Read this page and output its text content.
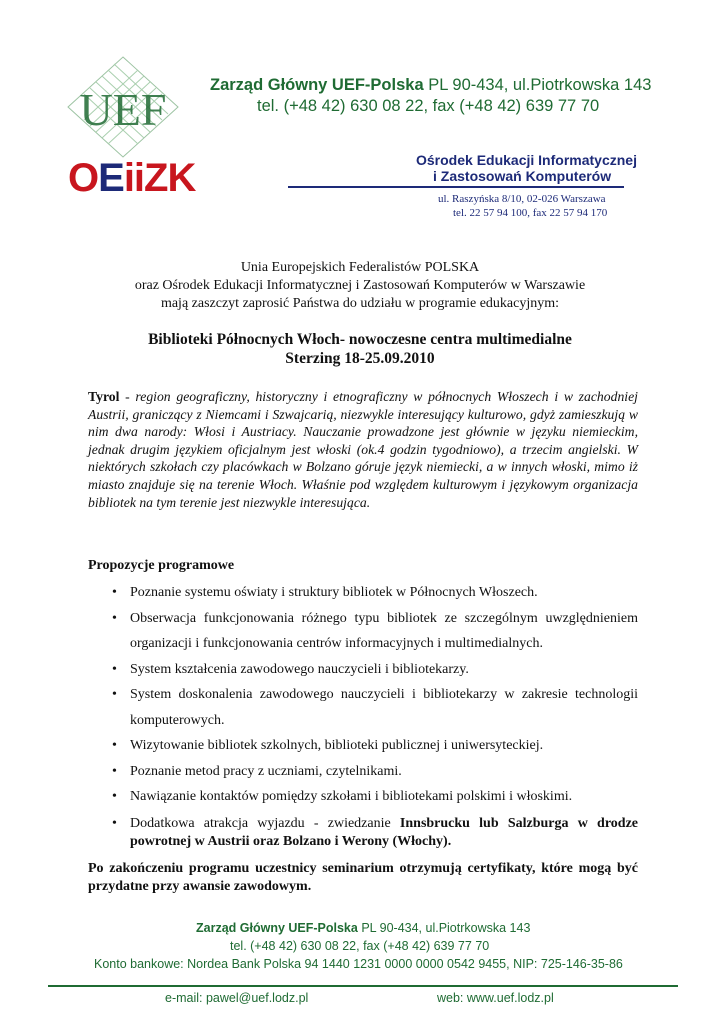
UEF
OEiiZK
Zarząd Główny UEF-Polska PL 90-434, ul.Piotrkowska 143
tel. (+48 42) 630 08 22, fax (+48 42) 639 77 70
Ośrodek Edukacji Informatycznej
i Zastosowań Komputerów
ul. Raszyńska 8/10, 02-026 Warszawa
tel. 22 57 94 100, fax 22 57 94 170
Unia Europejskich Federalistów POLSKA
oraz Ośrodek Edukacji Informatycznej i Zastosowań Komputerów w Warszawie
mają zaszczyt zaprosić Państwa do udziału w programie edukacyjnym:
Biblioteki Północnych Włoch- nowoczesne centra multimedialne
Sterzing 18-25.09.2010
Tyrol - region geograficzny, historyczny i etnograficzny w północnych Włoszech i w zachodniej Austrii, graniczący z Niemcami i Szwajcarią, niezwykle interesujący kulturowo, gdyż zamieszkują w nim dwa narody: Włosi i Austriacy. Nauczanie prowadzone jest głównie w języku niemieckim, jednak drugim językiem oficjalnym jest włoski (ok.4 godzin tygodniowo), a trzecim angielski. W niektórych szkołach czy placówkach w Bolzano góruje język niemiecki, a w innych włoski, mimo iż miasto znajduje się na terenie Włoch. Właśnie pod względem kulturowym i językowym organizacja bibliotek na tym terenie jest niezwykle interesująca.
Propozycje programowe
• Poznanie systemu oświaty i struktury bibliotek w Północnych Włoszech.
• Obserwacja funkcjonowania różnego typu bibliotek ze szczególnym uwzględnieniem organizacji i funkcjonowania centrów informacyjnych i multimedialnych.
• System kształcenia zawodowego nauczycieli i bibliotekarzy.
• System doskonalenia zawodowego nauczycieli i bibliotekarzy w zakresie technologii komputerowych.
• Wizytowanie bibliotek szkolnych, biblioteki publicznej i uniwersyteckiej.
• Poznanie metod pracy z uczniami, czytelnikami.
• Nawiązanie kontaktów pomiędzy szkołami i bibliotekami polskimi i włoskimi.
• Dodatkowa atrakcja wyjazdu - zwiedzanie Innsbrucku lub Salzburga w drodze powrotnej w Austrii oraz Bolzano i Werony (Włochy).
Po zakończeniu programu uczestnicy seminarium otrzymują certyfikaty, które mogą być przydatne przy awansie zawodowym.
Zarząd Główny UEF-Polska PL 90-434, ul.Piotrkowska 143
tel. (+48 42) 630 08 22, fax (+48 42) 639 77 70
Konto bankowe: Nordea Bank Polska 94 1440 1231 0000 0000 0542 9455, NIP: 725-146-35-86
e-mail: pawel@uef.lodz.pl	web: www.uef.lodz.pl
